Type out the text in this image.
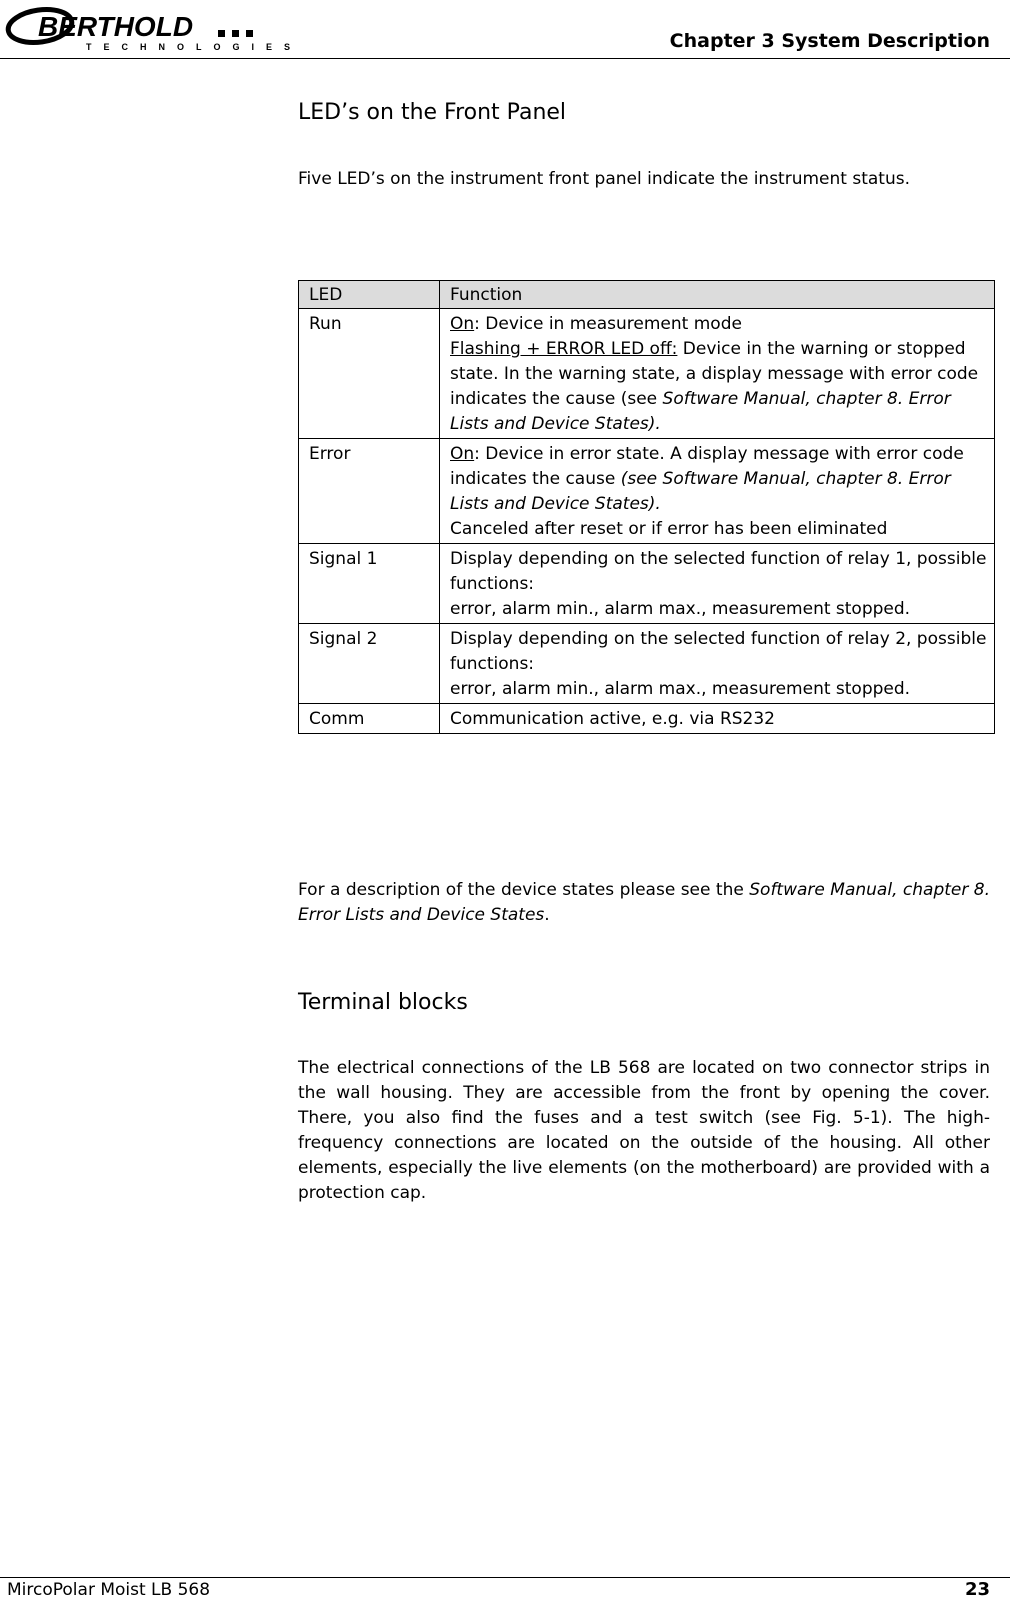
BERTHOLD
TECHNOLOGIES	Chapter 3 System Description
LED’s on the Front Panel

Five LED’s on the instrument front panel indicate the instrument status.

LED	Function
Run	On: Device in measurement mode
Flashing + ERROR LED off: Device in the warning or stopped state. In the warning state, a display message with error code indicates the cause (see Software Manual, chapter 8. Error Lists and Device States).
Error	On: Device in error state. A display message with error code indicates the cause (see Software Manual, chapter 8. Error Lists and Device States).
Canceled after reset or if error has been eliminated
Signal 1	Display depending on the selected function of relay 1, possible functions:
error, alarm min., alarm max., measurement stopped.
Signal 2	Display depending on the selected function of relay 2, possible functions:
error, alarm min., alarm max., measurement stopped.
Comm	Communication active, e.g. via RS232

For a description of the device states please see the Software Manual, chapter 8. Error Lists and Device States.

Terminal blocks

The electrical connections of the LB 568 are located on two connector strips in the wall housing. They are accessible from the front by opening the cover. There, you also find the fuses and a test switch (see Fig. 5-1). The high-frequency connections are located on the outside of the housing. All other elements, especially the live elements (on the motherboard) are provided with a protection cap.

MircoPolar Moist LB 568	23
